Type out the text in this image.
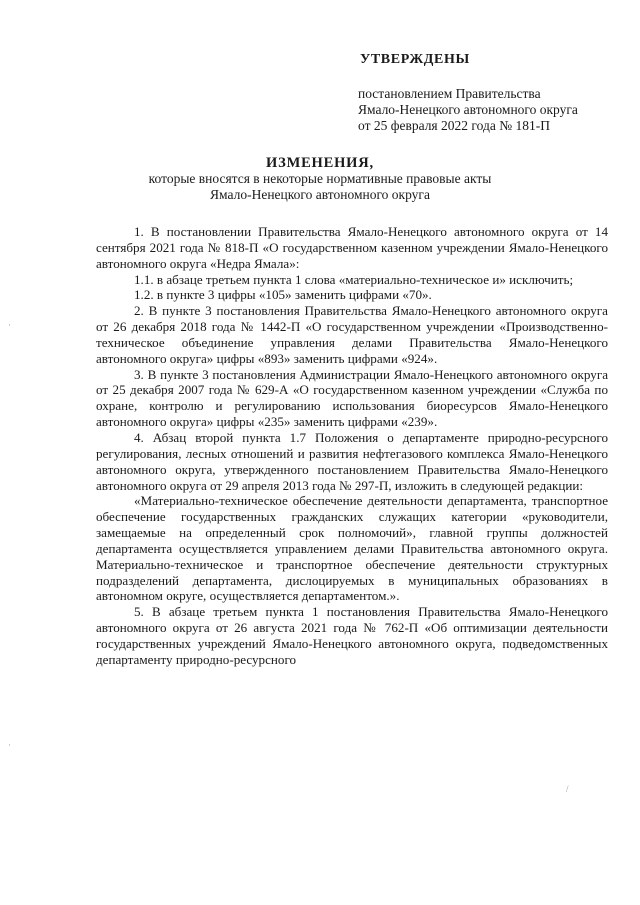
УТВЕРЖДЕНЫ
постановлением Правительства
Ямало-Ненецкого автономного округа
от 25 февраля 2022 года № 181-П
ИЗМЕНЕНИЯ,
которые вносятся в некоторые нормативные правовые акты
Ямало-Ненецкого автономного округа

1. В постановлении Правительства Ямало-Ненецкого автономного округа от 14 сентября 2021 года № 818-П «О государственном казенном учреждении Ямало-Ненецкого автономного округа «Недра Ямала»:

1.1. в абзаце третьем пункта 1 слова «материально-техническое и» исключить;

1.2. в пункте 3 цифры «105» заменить цифрами «70».

2. В пункте 3 постановления Правительства Ямало-Ненецкого автономного округа от 26 декабря 2018 года № 1442-П «О государственном учреждении «Производственно-техническое объединение управления делами Правительства Ямало-Ненецкого автономного округа» цифры «893» заменить цифрами «924».

3. В пункте 3 постановления Администрации Ямало-Ненецкого автономного округа от 25 декабря 2007 года № 629-А «О государственном казенном учреждении «Служба по охране, контролю и регулированию использования биоресурсов Ямало-Ненецкого автономного округа» цифры «235» заменить цифрами «239».

4. Абзац второй пункта 1.7 Положения о департаменте природно-ресурсного регулирования, лесных отношений и развития нефтегазового комплекса Ямало-Ненецкого автономного округа, утвержденного постановлением Правительства Ямало-Ненецкого автономного округа от 29 апреля 2013 года № 297-П, изложить в следующей редакции:

«Материально-техническое обеспечение деятельности департамента, транспортное обеспечение государственных гражданских служащих категории «руководители, замещаемые на определенный срок полномочий», главной группы должностей департамента осуществляется управлением делами Правительства автономного округа. Материально-техническое и транспортное обеспечение деятельности структурных подразделений департамента, дислоцируемых в муниципальных образованиях в автономном округе, осуществляется департаментом.».

5. В абзаце третьем пункта 1 постановления Правительства Ямало-Ненецкого автономного округа от 26 августа 2021 года № 762-П «Об оптимизации деятельности государственных учреждений Ямало-Ненецкого автономного округа, подведомственных департаменту природно-ресурсного

·
·
/
